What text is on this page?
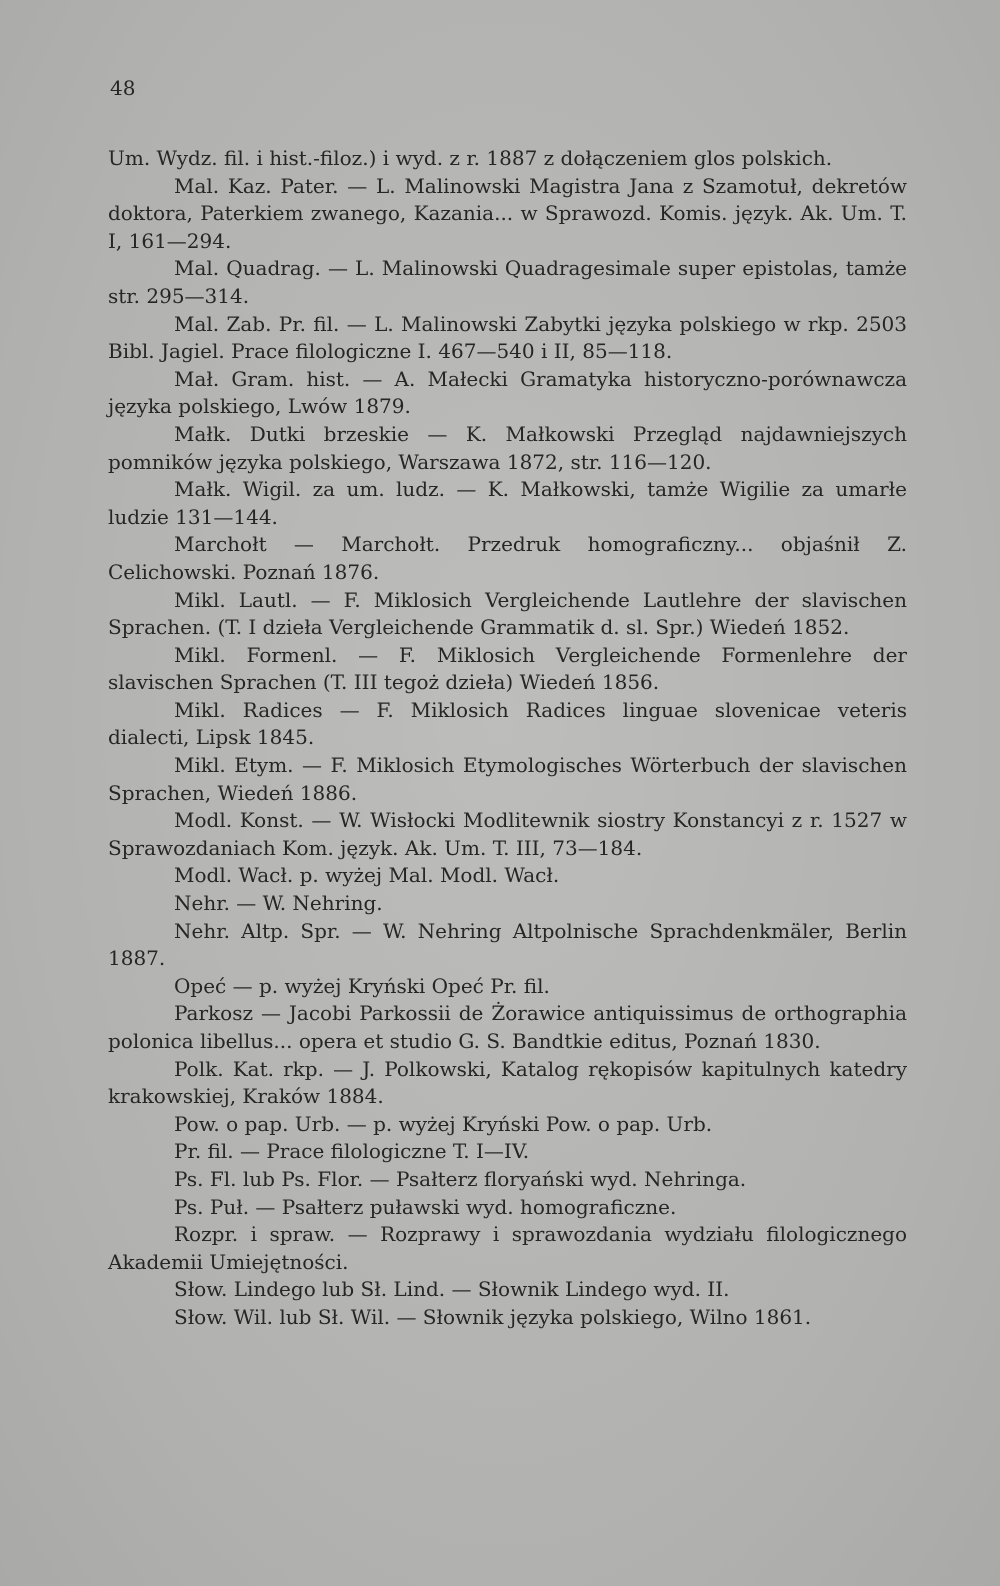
48

Um. Wydz. fil. i hist.-filoz.) i wyd. z r. 1887 z dołączeniem glos polskich.

Mal. Kaz. Pater. — L. Malinowski Magistra Jana z Szamotuł, dekretów doktora, Paterkiem zwanego, Kazania... w Sprawozd. Komis. język. Ak. Um. T. I, 161—294.

Mal. Quadrag. — L. Malinowski Quadragesimale super epistolas, tamże str. 295—314.

Mal. Zab. Pr. fil. — L. Malinowski Zabytki języka polskiego w rkp. 2503 Bibl. Jagiel. Prace filologiczne I. 467—540 i II, 85—118.

Mał. Gram. hist. — A. Małecki Gramatyka historyczno-porównawcza języka polskiego, Lwów 1879.

Małk. Dutki brzeskie — K. Małkowski Przegląd najdawniejszych pomników języka polskiego, Warszawa 1872, str. 116—120.

Małk. Wigil. za um. ludz. — K. Małkowski, tamże Wigilie za umarłe ludzie 131—144.

Marchołt — Marchołt. Przedruk homograficzny... objaśnił Z. Celichowski. Poznań 1876.

Mikl. Lautl. — F. Miklosich Vergleichende Lautlehre der slavischen Sprachen. (T. I dzieła Vergleichende Grammatik d. sl. Spr.) Wiedeń 1852.

Mikl. Formenl. — F. Miklosich Vergleichende Formenlehre der slavischen Sprachen (T. III tegoż dzieła) Wiedeń 1856.

Mikl. Radices — F. Miklosich Radices linguae slovenicae veteris dialecti, Lipsk 1845.

Mikl. Etym. — F. Miklosich Etymologisches Wörterbuch der slavischen Sprachen, Wiedeń 1886.

Modl. Konst. — W. Wisłocki Modlitewnik siostry Konstancyi z r. 1527 w Sprawozdaniach Kom. język. Ak. Um. T. III, 73—184.

Modl. Wacł. p. wyżej Mal. Modl. Wacł.

Nehr. — W. Nehring.

Nehr. Altp. Spr. — W. Nehring Altpolnische Sprachdenkmäler, Berlin 1887.

Opeć — p. wyżej Kryński Opeć Pr. fil.

Parkosz — Jacobi Parkossii de Żorawice antiquissimus de orthographia polonica libellus... opera et studio G. S. Bandtkie editus, Poznań 1830.

Polk. Kat. rkp. — J. Polkowski, Katalog rękopisów kapitulnych katedry krakowskiej, Kraków 1884.

Pow. o pap. Urb. — p. wyżej Kryński Pow. o pap. Urb.

Pr. fil. — Prace filologiczne T. I—IV.

Ps. Fl. lub Ps. Flor. — Psałterz floryański wyd. Nehringa.

Ps. Puł. — Psałterz puławski wyd. homograficzne.

Rozpr. i spraw. — Rozprawy i sprawozdania wydziału filologicznego Akademii Umiejętności.

Słow. Lindego lub Sł. Lind. — Słownik Lindego wyd. II.

Słow. Wil. lub Sł. Wil. — Słownik języka polskiego, Wilno 1861.
